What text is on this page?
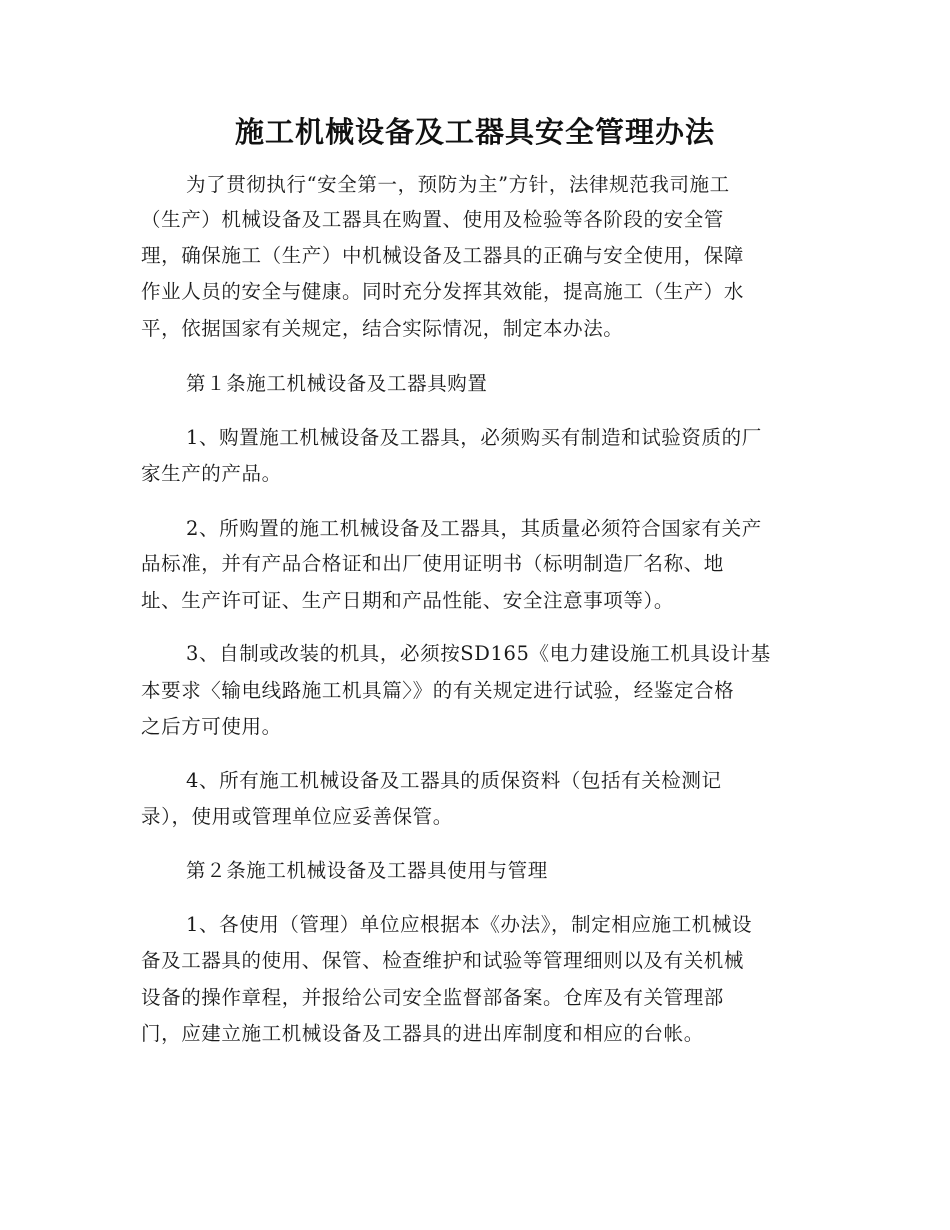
施工机械设备及工器具安全管理办法
为了贯彻执行“安全第一，预防为主”方针，法律规范我司施工
（生产）机械设备及工器具在购置、使用及检验等各阶段的安全管
理，确保施工（生产）中机械设备及工器具的正确与安全使用，保障
作业人员的安全与健康。同时充分发挥其效能，提高施工（生产）水
平，依据国家有关规定，结合实际情况，制定本办法。
第１条施工机械设备及工器具购置
1、购置施工机械设备及工器具，必须购买有制造和试验资质的厂
家生产的产品。
2、所购置的施工机械设备及工器具，其质量必须符合国家有关产
品标准，并有产品合格证和出厂使用证明书（标明制造厂名称、地
址、生产许可证、生产日期和产品性能、安全注意事项等）。
3、自制或改装的机具，必须按SD165《电力建设施工机具设计基
本要求〈输电线路施工机具篇〉》的有关规定进行试验，经鉴定合格
之后方可使用。
4、所有施工机械设备及工器具的质保资料（包括有关检测记
录），使用或管理单位应妥善保管。
第２条施工机械设备及工器具使用与管理
1、各使用（管理）单位应根据本《办法》，制定相应施工机械设
备及工器具的使用、保管、检查维护和试验等管理细则以及有关机械
设备的操作章程，并报给公司安全监督部备案。仓库及有关管理部
门，应建立施工机械设备及工器具的进出库制度和相应的台帐。
